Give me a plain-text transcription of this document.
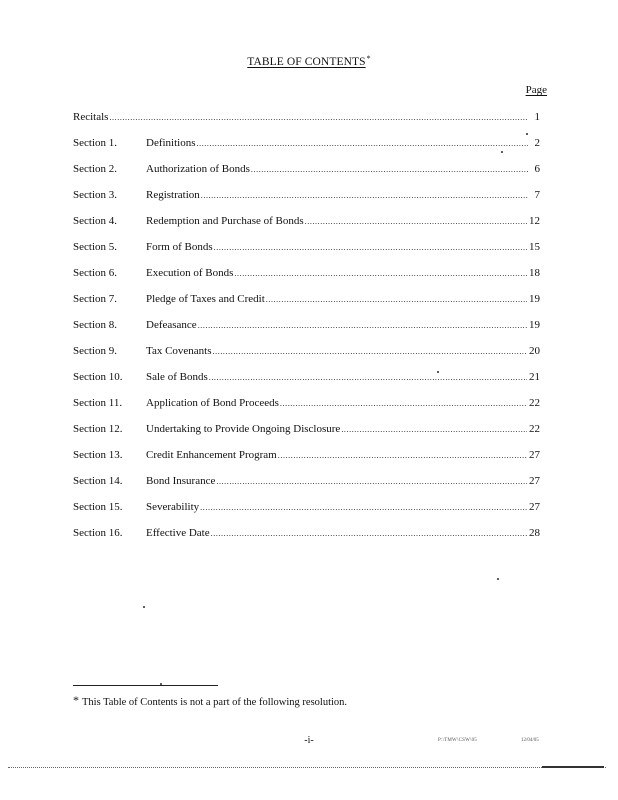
TABLE OF CONTENTS*
Page
Recitals .....	1
Section 1.	Definitions .....	2
Section 2.	Authorization of Bonds .....	6
Section 3.	Registration .....	7
Section 4.	Redemption and Purchase of Bonds .....	12
Section 5.	Form of Bonds .....	15
Section 6.	Execution of Bonds .....	18
Section 7.	Pledge of Taxes and Credit .....	19
Section 8.	Defeasance .....	19
Section 9.	Tax Covenants .....	20
Section 10.	Sale of Bonds .....	21
Section 11.	Application of Bond Proceeds .....	22
Section 12.	Undertaking to Provide Ongoing Disclosure .....	22
Section 13.	Credit Enhancement Program .....	27
Section 14.	Bond Insurance .....	27
Section 15.	Severability .....	27
Section 16.	Effective Date .....	28
* This Table of Contents is not a part of the following resolution.
-i-	P:\TMW\CSW\05	12/04/05
